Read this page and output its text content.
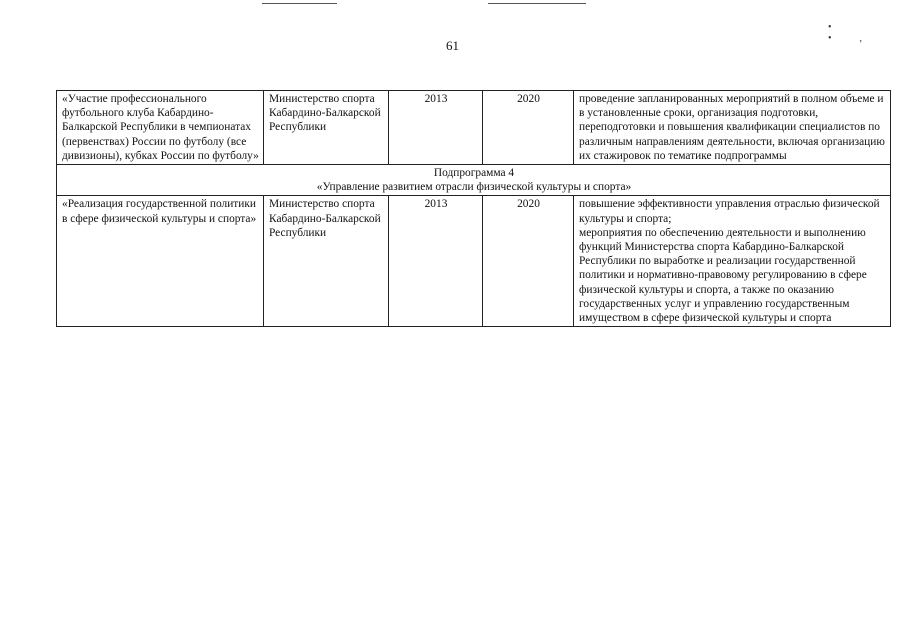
61
• •,
«Участие профессионального футбольного клуба Кабардино-Балкарской Республики в чемпионатах (первенствах) России по футболу (все дивизионы), кубках России по футболу»	Министерство спорта Кабардино-Балкарской Республики	2013	2020	проведение запланированных мероприятий в полном объеме и в установленные сроки, организация подготовки, переподготовки и повышения квалификации специалистов по различным направлениям деятельности, включая организацию их стажировок по тематике подпрограммы

Подпрограмма 4
«Управление развитием отрасли физической культуры и спорта»				

«Реализация государственной политики в сфере физической культуры и спорта»	Министерство спорта Кабардино-Балкарской Республики	2013	2020	повышение эффективности управления отраслью физической культуры и спорта;
мероприятия по обеспечению деятельности и выполнению функций Министерства спорта Кабардино-Балкарской Республики по выработке и реализации государственной политики и нормативно-правовому регулированию в сфере физической культуры и спорта, а также по оказанию государственных услуг и управлению государственным имуществом в сфере физической культуры и спорта
